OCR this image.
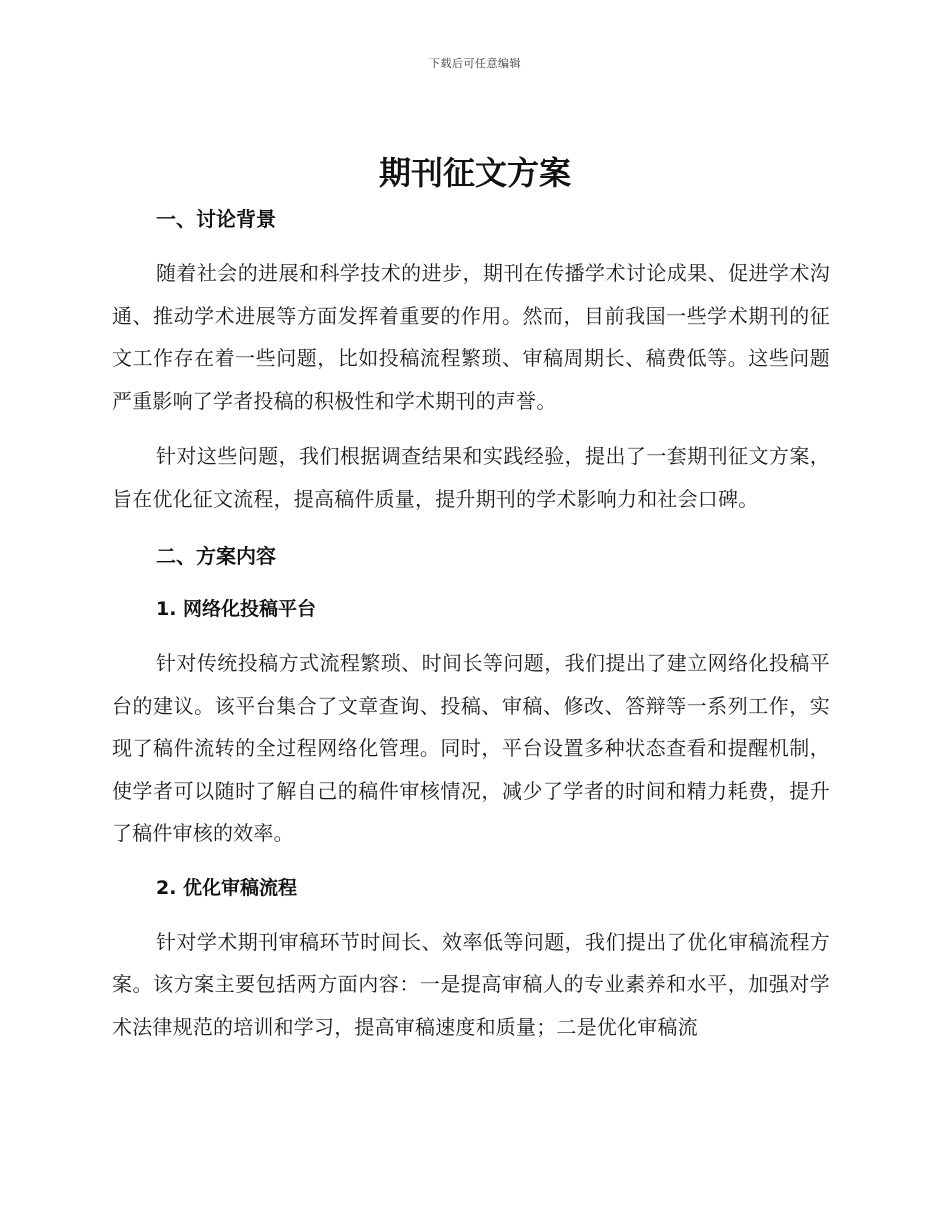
下载后可任意编辑
期刊征文方案
一、讨论背景

随着社会的进展和科学技术的进步，期刊在传播学术讨论成果、促进学术沟通、推动学术进展等方面发挥着重要的作用。然而，目前我国一些学术期刊的征文工作存在着一些问题，比如投稿流程繁琐、审稿周期长、稿费低等。这些问题严重影响了学者投稿的积极性和学术期刊的声誉。

针对这些问题，我们根据调查结果和实践经验，提出了一套期刊征文方案，旨在优化征文流程，提高稿件质量，提升期刊的学术影响力和社会口碑。

二、方案内容
1. 网络化投稿平台

针对传统投稿方式流程繁琐、时间长等问题，我们提出了建立网络化投稿平台的建议。该平台集合了文章查询、投稿、审稿、修改、答辩等一系列工作，实现了稿件流转的全过程网络化管理。同时，平台设置多种状态查看和提醒机制，使学者可以随时了解自己的稿件审核情况，减少了学者的时间和精力耗费，提升了稿件审核的效率。

2. 优化审稿流程

针对学术期刊审稿环节时间长、效率低等问题，我们提出了优化审稿流程方案。该方案主要包括两方面内容：一是提高审稿人的专业素养和水平，加强对学术法律规范的培训和学习，提高审稿速度和质量；二是优化审稿流
